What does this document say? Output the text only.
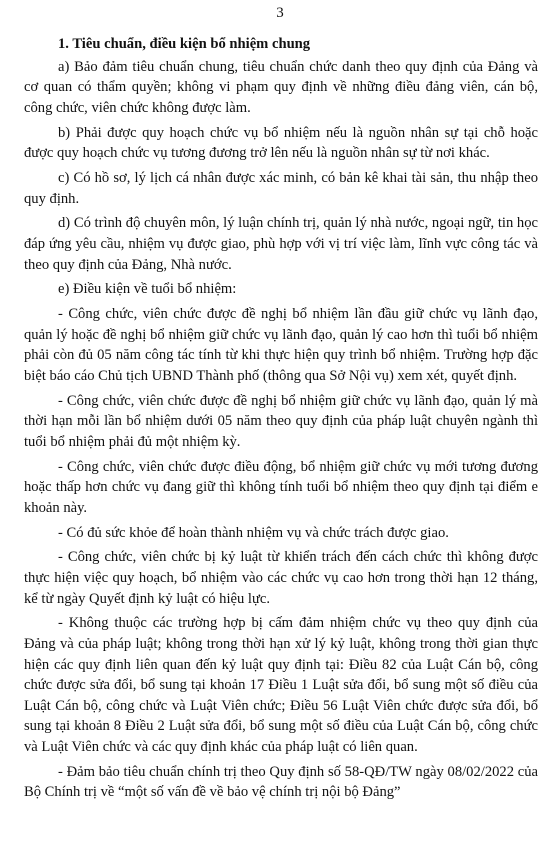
3

1. Tiêu chuẩn, điều kiện bổ nhiệm chung

a) Bảo đảm tiêu chuẩn chung, tiêu chuẩn chức danh theo quy định của Đảng và cơ quan có thẩm quyền; không vi phạm quy định về những điều đảng viên, cán bộ, công chức, viên chức không được làm.

b) Phải được quy hoạch chức vụ bổ nhiệm nếu là nguồn nhân sự tại chỗ hoặc được quy hoạch chức vụ tương đương trở lên nếu là nguồn nhân sự từ nơi khác.

c) Có hồ sơ, lý lịch cá nhân được xác minh, có bản kê khai tài sản, thu nhập theo quy định.

d) Có trình độ chuyên môn, lý luận chính trị, quản lý nhà nước, ngoại ngữ, tin học đáp ứng yêu cầu, nhiệm vụ được giao, phù hợp với vị trí việc làm, lĩnh vực công tác và theo quy định của Đảng, Nhà nước.

e) Điều kiện về tuổi bổ nhiệm:

- Công chức, viên chức được đề nghị bổ nhiệm lần đầu giữ chức vụ lãnh đạo, quản lý hoặc đề nghị bổ nhiệm giữ chức vụ lãnh đạo, quản lý cao hơn thì tuổi bổ nhiệm phải còn đủ 05 năm công tác tính từ khi thực hiện quy trình bổ nhiệm. Trường hợp đặc biệt báo cáo Chủ tịch UBND Thành phố (thông qua Sở Nội vụ) xem xét, quyết định.

- Công chức, viên chức được đề nghị bổ nhiệm giữ chức vụ lãnh đạo, quản lý mà thời hạn mỗi lần bổ nhiệm dưới 05 năm theo quy định của pháp luật chuyên ngành thì tuổi bổ nhiệm phải đủ một nhiệm kỳ.

- Công chức, viên chức được điều động, bổ nhiệm giữ chức vụ mới tương đương hoặc thấp hơn chức vụ đang giữ thì không tính tuổi bổ nhiệm theo quy định tại điểm e khoản này.

- Có đủ sức khỏe để hoàn thành nhiệm vụ và chức trách được giao.

- Công chức, viên chức bị kỷ luật từ khiển trách đến cách chức thì không được thực hiện việc quy hoạch, bổ nhiệm vào các chức vụ cao hơn trong thời hạn 12 tháng, kể từ ngày Quyết định kỷ luật có hiệu lực.

- Không thuộc các trường hợp bị cấm đảm nhiệm chức vụ theo quy định của Đảng và của pháp luật; không trong thời hạn xử lý kỷ luật, không trong thời gian thực hiện các quy định liên quan đến kỷ luật quy định tại: Điều 82 của Luật Cán bộ, công chức được sửa đổi, bổ sung tại khoản 17 Điều 1 Luật sửa đổi, bổ sung một số điều của Luật Cán bộ, công chức và Luật Viên chức; Điều 56 Luật Viên chức được sửa đổi, bổ sung tại khoản 8 Điều 2 Luật sửa đổi, bổ sung một số điều của Luật Cán bộ, công chức và Luật Viên chức và các quy định khác của pháp luật có liên quan.

- Đảm bảo tiêu chuẩn chính trị theo Quy định số 58-QĐ/TW ngày 08/02/2022 của Bộ Chính trị về “một số vấn đề về bảo vệ chính trị nội bộ Đảng”
